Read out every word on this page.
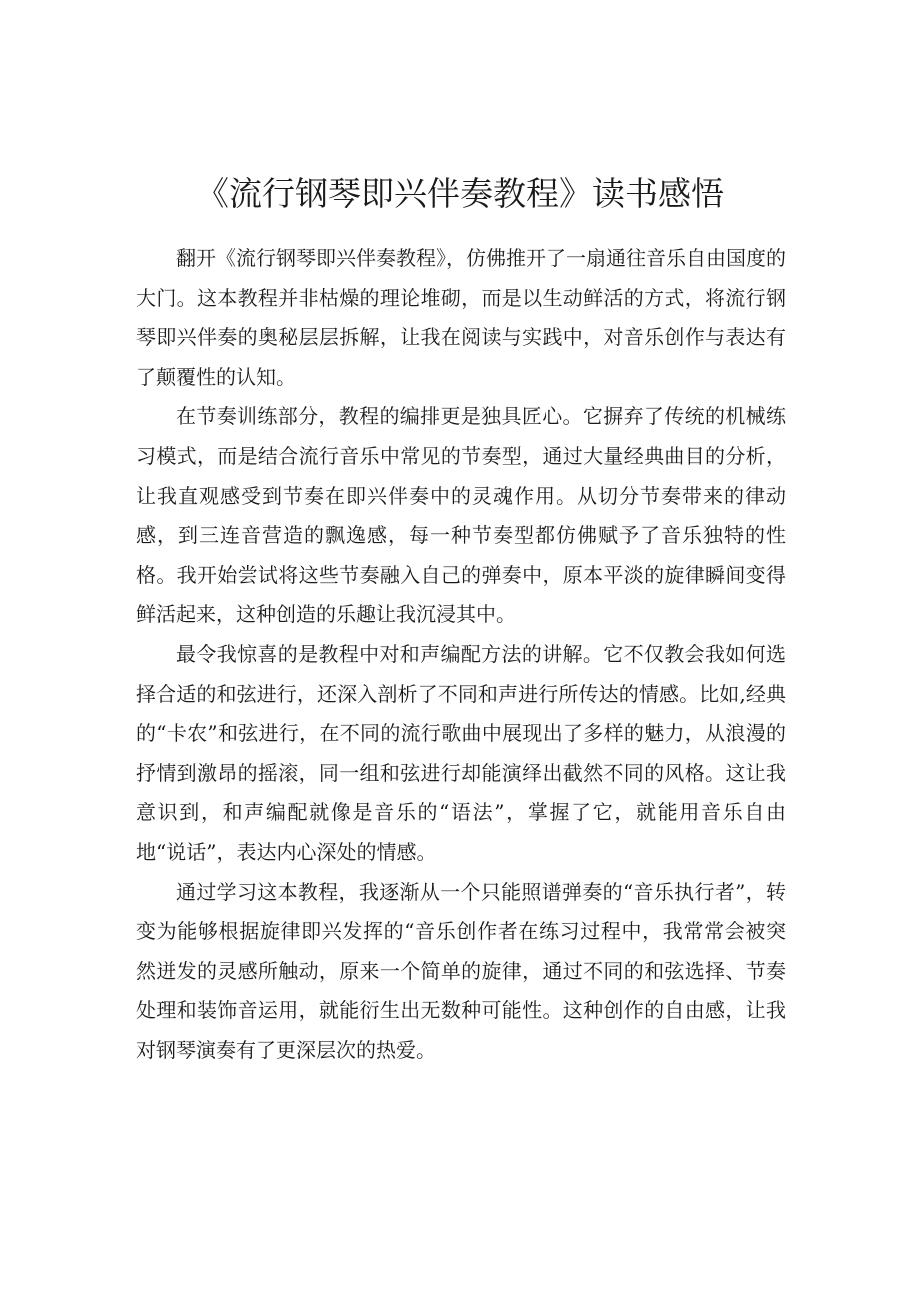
《流行钢琴即兴伴奏教程》读书感悟

翻开《流行钢琴即兴伴奏教程》，仿佛推开了一扇通往音乐自由国度的大门。这本教程并非枯燥的理论堆砌，而是以生动鲜活的方式，将流行钢琴即兴伴奏的奥秘层层拆解，让我在阅读与实践中，对音乐创作与表达有了颠覆性的认知。

在节奏训练部分，教程的编排更是独具匠心。它摒弃了传统的机械练习模式，而是结合流行音乐中常见的节奏型，通过大量经典曲目的分析，让我直观感受到节奏在即兴伴奏中的灵魂作用。从切分节奏带来的律动感，到三连音营造的飘逸感，每一种节奏型都仿佛赋予了音乐独特的性格。我开始尝试将这些节奏融入自己的弹奏中，原本平淡的旋律瞬间变得鲜活起来，这种创造的乐趣让我沉浸其中。

最令我惊喜的是教程中对和声编配方法的讲解。它不仅教会我如何选择合适的和弦进行，还深入剖析了不同和声进行所传达的情感。比如,经典的“卡农”和弦进行，在不同的流行歌曲中展现出了多样的魅力，从浪漫的抒情到激昂的摇滚，同一组和弦进行却能演绎出截然不同的风格。这让我意识到，和声编配就像是音乐的“语法”，掌握了它，就能用音乐自由地“说话”，表达内心深处的情感。

通过学习这本教程，我逐渐从一个只能照谱弹奏的“音乐执行者”，转变为能够根据旋律即兴发挥的“音乐创作者在练习过程中，我常常会被突然迸发的灵感所触动，原来一个简单的旋律，通过不同的和弦选择、节奏处理和装饰音运用，就能衍生出无数种可能性。这种创作的自由感，让我对钢琴演奏有了更深层次的热爱。
